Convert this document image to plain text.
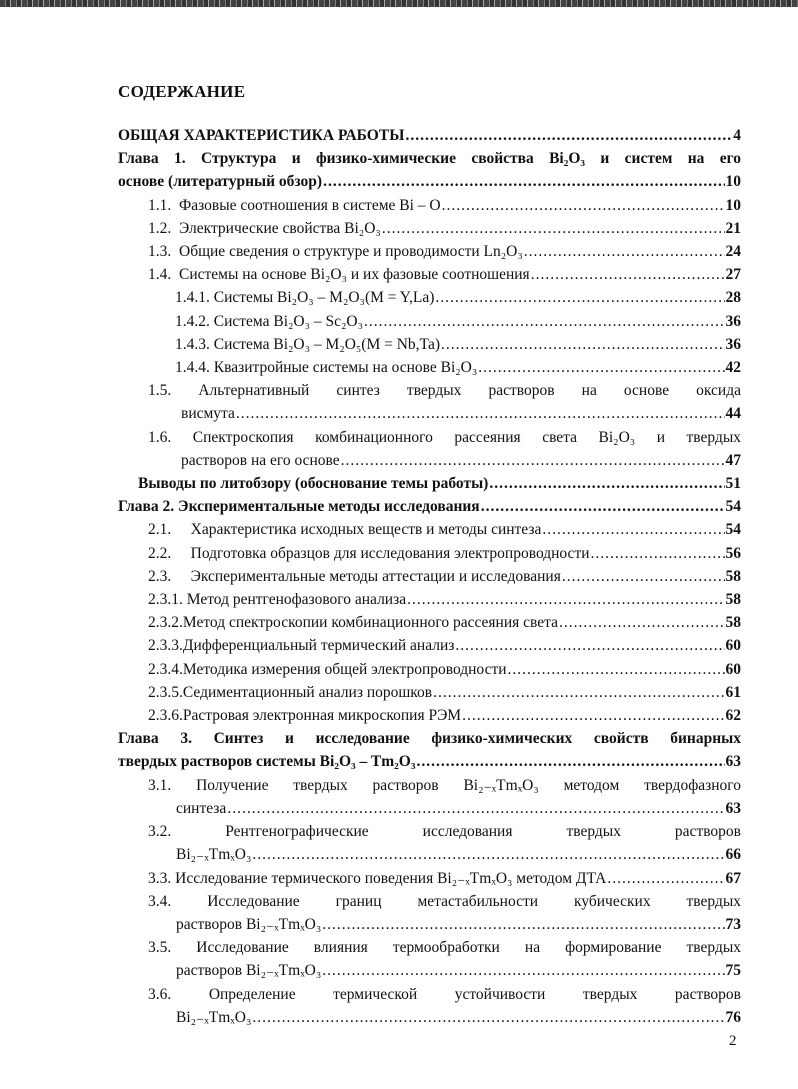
СОДЕРЖАНИЕ
ОБЩАЯ ХАРАКТЕРИСТИКА РАБОТЫ .....	4
Глава 1. Структура и физико-химические свойства Bi₂O₃ и систем на его
основе (литературный обзор) .....	10
1.1. Фазовые соотношения в системе Bi – O .....	10
1.2. Электрические свойства Bi₂O₃ .....	21
1.3. Общие сведения о структуре и проводимости Ln₂O₃ .....	24
1.4. Системы на основе Bi₂O₃ и их фазовые соотношения .....	27
1.4.1. Системы Bi₂O₃ – M₂O₃(M = Y,La) .....	28
1.4.2. Система Bi₂O₃ – Sc₂O₃ .....	36
1.4.3. Система Bi₂O₃ – M₂O₅(M = Nb,Ta) .....	36
1.4.4. Квазитройные системы на основе Bi₂O₃ .....	42
1.5. Альтернативный синтез твердых растворов на основе оксида
висмута .....	44
1.6. Спектроскопия комбинационного рассеяния света Bi₂O₃ и твердых
растворов на его основе .....	47
Выводы по литобзору (обоснование темы работы) .....	51
Глава 2. Экспериментальные методы исследования .....	54
2.1. Характеристика исходных веществ и методы синтеза .....	54
2.2. Подготовка образцов для исследования электропроводности .....	56
2.3. Экспериментальные методы аттестации и исследования .....	58
2.3.1. Метод рентгенофазового анализа .....	58
2.3.2.Метод спектроскопии комбинационного рассеяния света .....	58
2.3.3.Дифференциальный термический анализ .....	60
2.3.4.Методика измерения общей электропроводности .....	60
2.3.5.Седиментационный анализ порошков .....	61
2.3.6.Растровая электронная микроскопия РЭМ .....	62
Глава 3. Синтез и исследование физико-химических свойств бинарных
твердых растворов системы Bi₂O₃ – Tm₂O₃ .....	63
3.1. Получение твердых растворов Bi₂₋ₓTmₓO₃ методом твердофазного
синтеза .....	63
3.2.	Рентгенографические исследования твердых растворов
Bi₂₋ₓTmₓO₃ .....	66
3.3. Исследование термического поведения Bi₂₋ₓTmₓO₃ методом ДТА .....	67
3.4. Исследование границ метастабильности кубических твердых
растворов Bi₂₋ₓTmₓO₃ .....	73
3.5. Исследование влияния термообработки на формирование твердых
растворов Bi₂₋ₓTmₓO₃ .....	75
3.6. Определение термической устойчивости твердых растворов
Bi₂₋ₓTmₓO₃ .....	76
2
